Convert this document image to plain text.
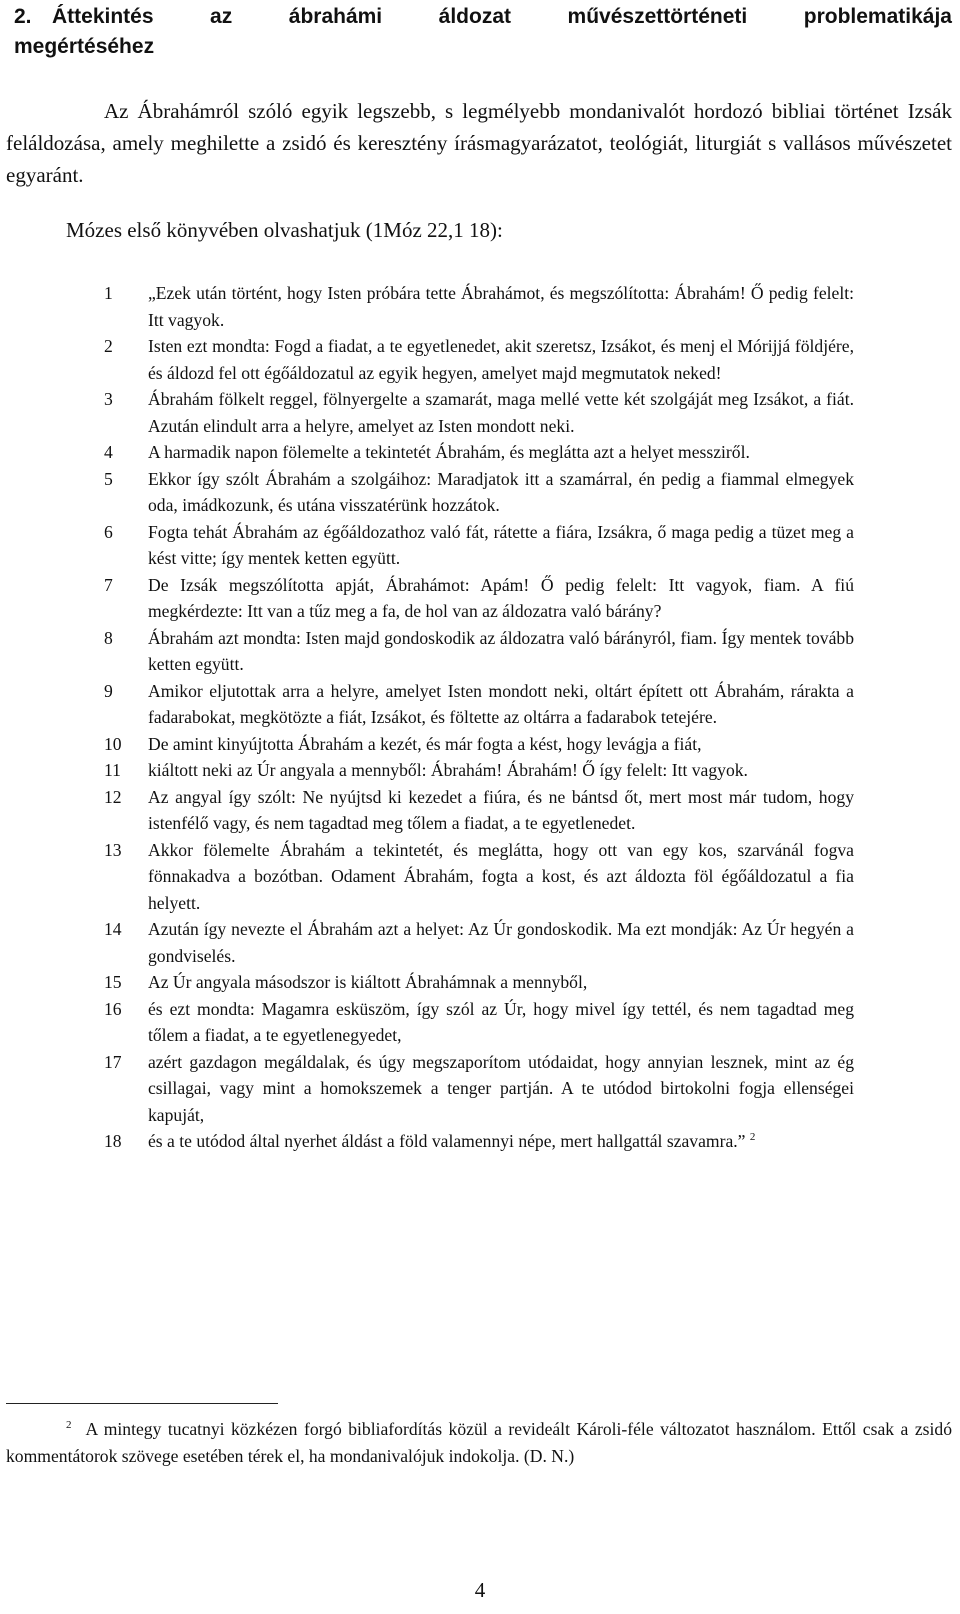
2. Áttekintés az ábrahámi áldozat művészettörténeti problematikája
megértéséhez
Az Ábrahámról szóló egyik legszebb, s legmélyebb mondanivalót hordozó bibliai történet Izsák feláldozása, amely meghilette a zsidó és keresztény írásmagyarázatot, teológiát, liturgiát s vallásos művészetet egyaránt.
Mózes első könyvében olvashatjuk (1Móz 22,1 18):
1 „Ezek után történt, hogy Isten próbára tette Ábrahámot, és megszólította: Ábrahám! Ő pedig felelt: Itt vagyok.
2 Isten ezt mondta: Fogd a fiadat, a te egyetlenedet, akit szeretsz, Izsákot, és menj el Mórijjá földjére, és áldozd fel ott égőáldozatul az egyik hegyen, amelyet majd megmutatok neked!
3 Ábrahám fölkelt reggel, fölnyergelte a szamarát, maga mellé vette két szolgáját meg Izsákot, a fiát. Azután elindult arra a helyre, amelyet az Isten mondott neki.
4 A harmadik napon fölemelte a tekintetét Ábrahám, és meglátta azt a helyet messziről.
5 Ekkor így szólt Ábrahám a szolgáihoz: Maradjatok itt a szamárral, én pedig a fiammal elmegyek oda, imádkozunk, és utána visszatérünk hozzátok.
6 Fogta tehát Ábrahám az égőáldozathoz való fát, rátette a fiára, Izsákra, ő maga pedig a tüzet meg a kést vitte; így mentek ketten együtt.
7 De Izsák megszólította apját, Ábrahámot: Apám! Ő pedig felelt: Itt vagyok, fiam. A fiú megkérdezte: Itt van a tűz meg a fa, de hol van az áldozatra való bárány?
8 Ábrahám azt mondta: Isten majd gondoskodik az áldozatra való bárányról, fiam. Így mentek tovább ketten együtt.
9 Amikor eljutottak arra a helyre, amelyet Isten mondott neki, oltárt épített ott Ábrahám, rárakta a fadarabokat, megkötözte a fiát, Izsákot, és föltette az oltárra a fadarabok tetejére.
10 De amint kinyújtotta Ábrahám a kezét, és már fogta a kést, hogy levágja a fiát,
11 kiáltott neki az Úr angyala a mennyből: Ábrahám! Ábrahám! Ő így felelt: Itt vagyok.
12 Az angyal így szólt: Ne nyújtsd ki kezedet a fiúra, és ne bántsd őt, mert most már tudom, hogy istenfélő vagy, és nem tagadtad meg tőlem a fiadat, a te egyetlenedet.
13 Akkor fölemelte Ábrahám a tekintetét, és meglátta, hogy ott van egy kos, szarvánál fogva fönnakadva a bozótban. Odament Ábrahám, fogta a kost, és azt áldozta föl égőáldozatul a fia helyett.
14 Azután így nevezte el Ábrahám azt a helyet: Az Úr gondoskodik. Ma ezt mondják: Az Úr hegyén a gondviselés.
15 Az Úr angyala másodszor is kiáltott Ábrahámnak a mennyből,
16 és ezt mondta: Magamra esküszöm, így szól az Úr, hogy mivel így tettél, és nem tagadtad meg tőlem a fiadat, a te egyetlenegyedet,
17 azért gazdagon megáldalak, és úgy megszaporítom utódaidat, hogy annyian lesznek, mint az ég csillagai, vagy mint a homokszemek a tenger partján. A te utódod birtokolni fogja ellenségei kapuját,
18 és a te utódod által nyerhet áldást a föld valamennyi népe, mert hallgattál szavamra.” $^2$
$^2$ A mintegy tucatnyi közkézen forgó bibliafordítás közül a revideált Károli-féle változatot használom. Ettől csak a zsidó kommentátorok szövege esetében térek el, ha mondanivalójuk indokolja. (D. N.)
4
